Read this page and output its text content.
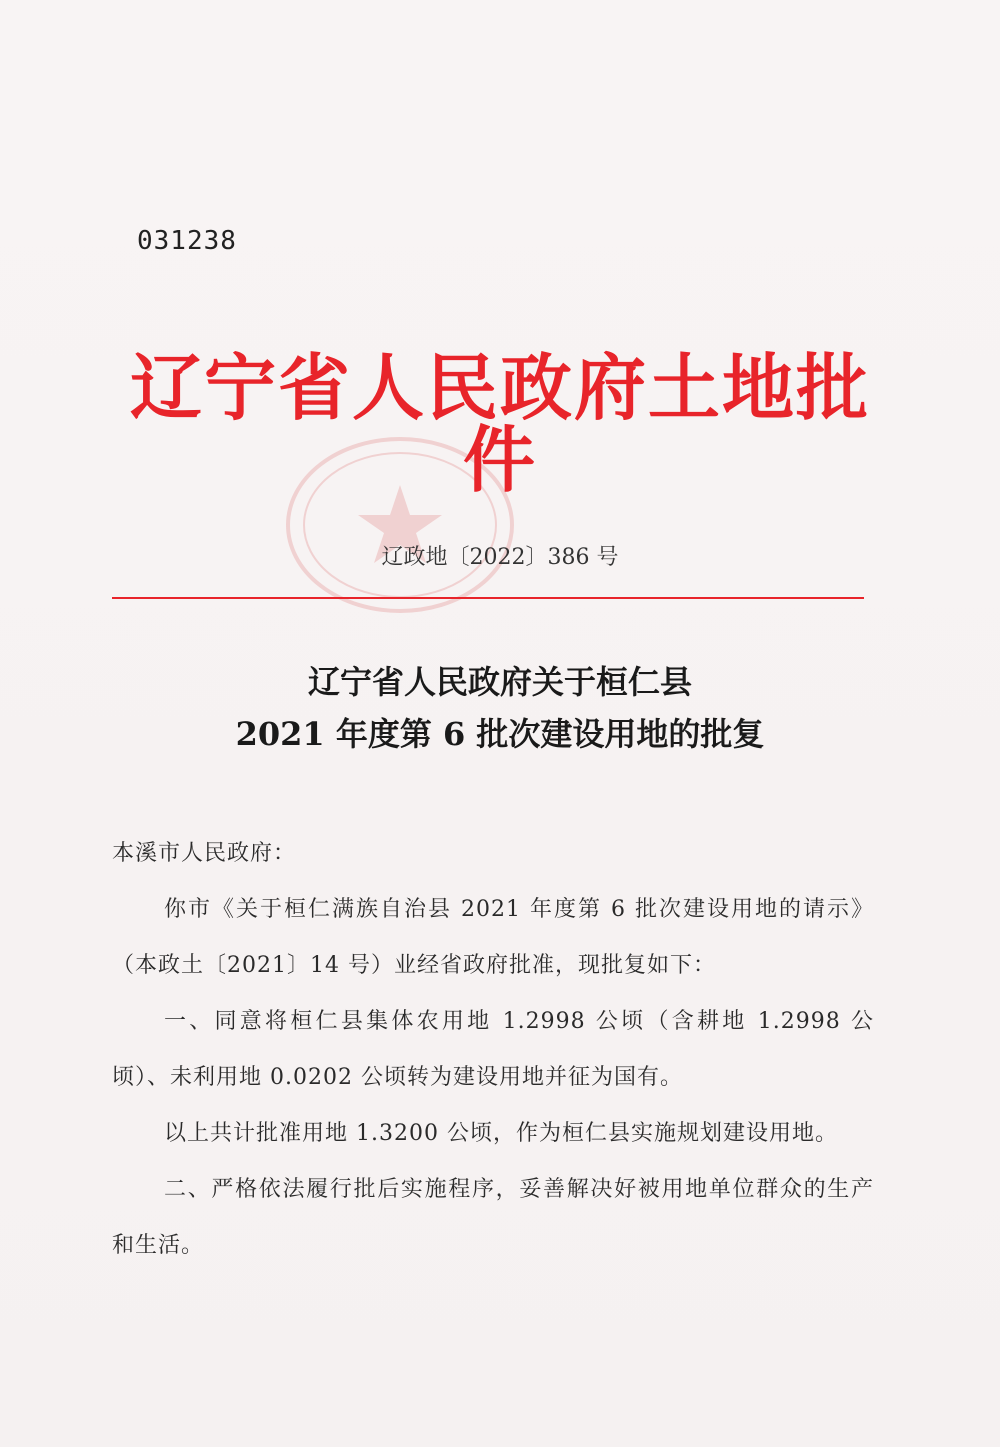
031238
辽宁省人民政府土地批件
辽政地〔2022〕386 号
辽宁省人民政府关于桓仁县
2021 年度第 6 批次建设用地的批复

本溪市人民政府：

你市《关于桓仁满族自治县 2021 年度第 6 批次建设用地的请示》（本政土〔2021〕14 号）业经省政府批准，现批复如下：

一、同意将桓仁县集体农用地 1.2998 公顷（含耕地 1.2998 公顷）、未利用地 0.0202 公顷转为建设用地并征为国有。

以上共计批准用地 1.3200 公顷，作为桓仁县实施规划建设用地。

二、严格依法履行批后实施程序，妥善解决好被用地单位群众的生产和生活。
